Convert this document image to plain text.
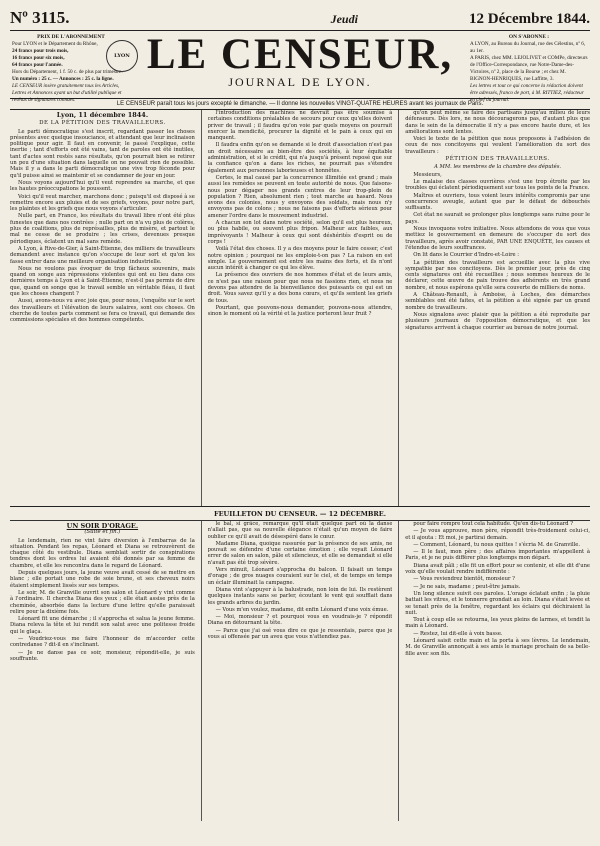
Nº 3115.	Jeudi	12 Décembre 1844.
PRIX DE L'ABONNEMENT
Pour LYON et le Département du Rhône,
24 francs pour trois mois,
16 francs pour six mois,
64 francs pour l'année.
Hors du Département, 1 f. 50 c. de plus par trimestre.
Un numéro : 25 c. — Annonces : 25 c. la ligne.
LE CENSEUR insère gratuitement tous les Articles, Lettres et Annonces ayant un but d'utilité publique et revêtus de signatures connues.
LYON LE CENSEUR,
JOURNAL DE LYON.
ON S'ABONNE :
A LYON, au Bureau du Journal, rue des Célestins, nº 6, au 1er.
A PARIS, chez MM. LEJOLIVET et COMPe, directeurs de l'Office-Correspondance, rue Notre-Dame-des-Victoires, nº 2, place de la Bourse ; et chez M. BIGNON-HENRIQUES, rue Laffitte, 3.
Les lettres et tout ce qui concerne la rédaction doivent être adressés, franco de port, à M. RITTIEZ, rédacteur en chef du journal.
LE CENSEUR paraît tous les jours excepté le dimanche. — Il donne les nouvelles VINGT-QUATRE HEURES avant les journaux de Paris.
Lyon, 11 décembre 1844.
DE LA PÉTITION DES TRAVAILLEURS.

Le parti démocratique s'est inscrit, regardant passer les choses présentes avec quelque insouciance, et attendant que leur inclinaison politique pour agir. Il faut en convenir, le passé l'explique, cette inertie ; tant d'efforts ont été vains, tant de paroles ont été inutiles, tant d'actes sont restés sans résultats, qu'on pourrait bien se retirer un peu d'une situation dans laquelle on ne pouvait rien de possible. Mais il y a dans le parti démocratique une vive trop féconde pour qu'il puisse ainsi se maintenir et se condamner de jour en jour.

Nous voyons aujourd'hui qu'il veut reprendre sa marche, et que les hautes préoccupations le poussent.

Voici qu'il veut marcher, marchons donc ; puisqu'il est disposé à se remettre encore aux pluies et de ses griefs, voyons, pour notre part, les plaintes et les griefs que nous voyons s'articuler.

Nulle part, en France, les résultats du travail libre n'ont été plus funestes que dans nos contrées ; nulle part on n'a vu plus de colères, plus de coalitions, plus de représailles, plus de misère, et partout le mal ne cesse de se produire ; les crises, devenues presque périodiques, éclatent un mal sans remède.

A Lyon, à Rive-de-Gier, à Saint-Étienne, des milliers de travailleurs demandent avec instance qu'on s'occupe de leur sort et qu'on les fasse entrer dans une meilleure organisation industrielle.

Nous ne voulons pas évoquer de trop fâcheux souvenirs, mais quand on songe aux répressions violentes qui ont eu lieu dans ces dernières temps à Lyon et à Saint-Étienne, n'est-il pas permis de dire que, quand on songe que le travail semble un véritable fléau, il faut que les choses changent ?

Aussi, avons-nous vu avec joie que, pour nous, l'enquête sur le sort des travailleurs et l'élévation de leurs salaires, sont ces choses. On cherche de toutes parts comment se fera ce travail, qui demande des commissions spéciales et des hommes compétents.

l'introduction des machines ne devrait pas être soumise à certaines conditions préalables de secours pour ceux qu'elles doivent priver de travail ; il faudra qu'on voie par quels moyens on pourrait exercer la mendicité, procurer la dignité et le pain à ceux qui en manquent.

Il faudra enfin qu'on se demande si le droit d'association n'est pas un droit nécessaire au bien-être des sociétés, à leur équitable administration, et si le crédit, qui n'a jusqu'à présent reposé que sur la confiance qu'on a dans les riches, ne pourrait pas s'étendre également aux personnes laborieuses et honnêtes.

Certes, le mal causé par la concurrence illimitée est grand ; mais aussi les remèdes se peuvent en toute autorité de nous. Que faisons-nous pour dégager nos grands centres de leur trop-plein de population ? Rien, absolument rien ; tout marche au hasard. Nous avons des colonies, nous y envoyons des soldats, mais nous n'y envoyons pas de colons ; nous ne faisons pas d'efforts sérieux pour amener l'ordre dans le mouvement industriel.

A chacun son lot dans notre société, selon qu'il est plus heureux, ou plus habile, ou souvent plus fripon. Malheur aux faibles, aux imprévoyants ! Malheur à ceux qui sont déshérités d'esprit ou de corps !

Voilà l'état des choses. Il y a des moyens pour le faire cesser, c'est notre opinion ; pourquoi ne les emploie-t-on pas ? La raison en est simple. Le gouvernement est entre les mains des forts, et ils n'ont aucun intérêt à changer ce qui les élève.

La présence des ouvriers de nos hommes d'état et de leurs amis, ce n'est pas une raison pour que nous ne fassions rien, et nous ne devons pas attendre de la bienveillance des puissants ce qui est un droit. Vous savez qu'il y a des bons cœurs, et qu'ils sentent les griefs de tous.

Pourtant, que pouvons-nous demander, pouvons-nous attendre, sinon le moment où la vérité et la justice porteront leur fruit ?

qu'on peut même se faire des partisans jusqu'au milieu de leurs défenseurs. Dès lors, ne nous découragerons pas, d'autant plus que dans le sein de la démocratie il n'y a pas encore haute dure, et les améliorations sont lentes.

Voici le texte de la pétition que nous proposons à l'adhésion de ceux de nos concitoyens qui veulent l'amélioration du sort des travailleurs :

PÉTITION DES TRAVAILLEURS.

A MM. les membres de la chambre des députés.

Messieurs,

Le malaise des classes ouvrières s'est une trop étroite par les troubles qui éclatent périodiquement sur tous les points de la France.

Maîtres et ouvriers, tous voient leurs intérêts compromis par une concurrence aveugle, autant que par le défaut de débouchés suffisants.

Cet état ne saurait se prolonger plus longtemps sans ruine pour le pays.

Nous invoquons votre initiative. Nous attendons de vous que vous mettiez le gouvernement en demeure de s'occuper du sort des travailleurs, après avoir constaté, PAR UNE ENQUÊTE, les causes et l'étendue de leurs souffrances.

On lit dans le Courrier d'Indre-et-Loire :

La pétition des travailleurs est accueillie avec la plus vive sympathie par nos concitoyens. Dès le premier jour, près de cinq cents signatures ont été recueillies ; nous sommes heureux de le déclarer, cette œuvre de paix trouve des adhérents en très grand nombre, et nous espérons qu'elle sera couverte de milliers de noms.

A Château-Renault, à Amboise, à Loches, des démarches semblables ont été faites, et la pétition a été signée par un grand nombre de travailleurs.

Nous signalons avec plaisir que la pétition a été reproduite par plusieurs journaux de l'opposition démocratique, et que les signatures arrivent à chaque courrier au bureau de notre journal.

FEUILLETON DU CENSEUR. — 12 DÉCEMBRE.
UN SOIR D'ORAGE.
(Suite et fin.)

Le lendemain, rien ne vint faire diversion à l'embarras de la situation. Pendant les repas, Léonard et Diana se retrouvèrent de chaque côté du vestibule. Diana semblait sortir de conspirations tendres dont les ordres lui avaient été donnés par sa femme de chambre, et elle les rencontra dans le regard de Léonard.

Depuis quelques jours, la jeune veuve avait cessé de se mettre en blanc ; elle portait une robe de soie brune, et ses cheveux noirs étaient simplement lissés sur ses tempes.

Le soir, M. de Granville ouvrit son salon et Léonard y vint comme à l'ordinaire. Il chercha Diana des yeux ; elle était assise près de la cheminée, absorbée dans la lecture d'une lettre qu'elle paraissait relire pour la dixième fois.

Léonard fit une démarche ; il s'approcha et salua la jeune femme. Diana releva la tête et lui rendit son salut avec une politesse froide qui le glaça.

— Voudriez-vous me faire l'honneur de m'accorder cette contredanse ? dit-il en s'inclinant.

— Je ne danse pas ce soir, monsieur, répondit-elle, je suis souffrante.

le bal, si grâce, remarque qu'il était quelque part où la danse n'allait pas, que sa nouvelle élégance n'était qu'un moyen de faire oublier ce qu'il avait de désespéré dans le cœur.

Madame Diana, quoique rassurée par la présence de ses amis, ne pouvait se défendre d'une certaine émotion ; elle voyait Léonard errer de salon en salon, pâle et silencieux, et elle se demandait si elle n'avait pas été trop sévère.

Vers minuit, Léonard s'approcha du balcon. Il faisait un temps d'orage ; de gros nuages couraient sur le ciel, et de temps en temps un éclair illuminait la campagne.

Diana vint s'appuyer à la balustrade, non loin de lui. Ils restèrent quelques instants sans se parler, écoutant le vent qui soufflait dans les grands arbres du jardin.

— Vous m'en voulez, madame, dit enfin Léonard d'une voix émue.

— Moi, monsieur ? et pourquoi vous en voudrais-je ? répondit Diana en détournant la tête.

— Parce que j'ai osé vous dire ce que je ressentais, parce que je vous ai offensée par un aveu que vous n'attendiez pas.

pour faire rompre tout cela habitude. Qu'en dis-tu Léonard ?

— Je vous approuve, mon père, répondit très-froidement celui-ci, et il ajouta : Et moi, je partirai demain.

— Comment, Léonard, tu nous quittes ! s'écria M. de Granville.

— Il le faut, mon père ; des affaires importantes m'appellent à Paris, et je ne puis différer plus longtemps mon départ.

Diana avait pâli ; elle fit un effort pour se contenir, et elle dit d'une voix qu'elle voulait rendre indifférente :

— Vous reviendrez bientôt, monsieur ?

— Je ne sais, madame ; peut-être jamais.

Un long silence suivit ces paroles. L'orage éclatait enfin ; la pluie battait les vitres, et le tonnerre grondait au loin. Diana s'était levée et se tenait près de la fenêtre, regardant les éclairs qui déchiraient la nuit.

Tout à coup elle se retourna, les yeux pleins de larmes, et tendit la main à Léonard.

— Restez, lui dit-elle à voix basse.

Léonard saisit cette main et la porta à ses lèvres. Le lendemain, M. de Granville annonçait à ses amis le mariage prochain de sa belle-fille avec son fils.
